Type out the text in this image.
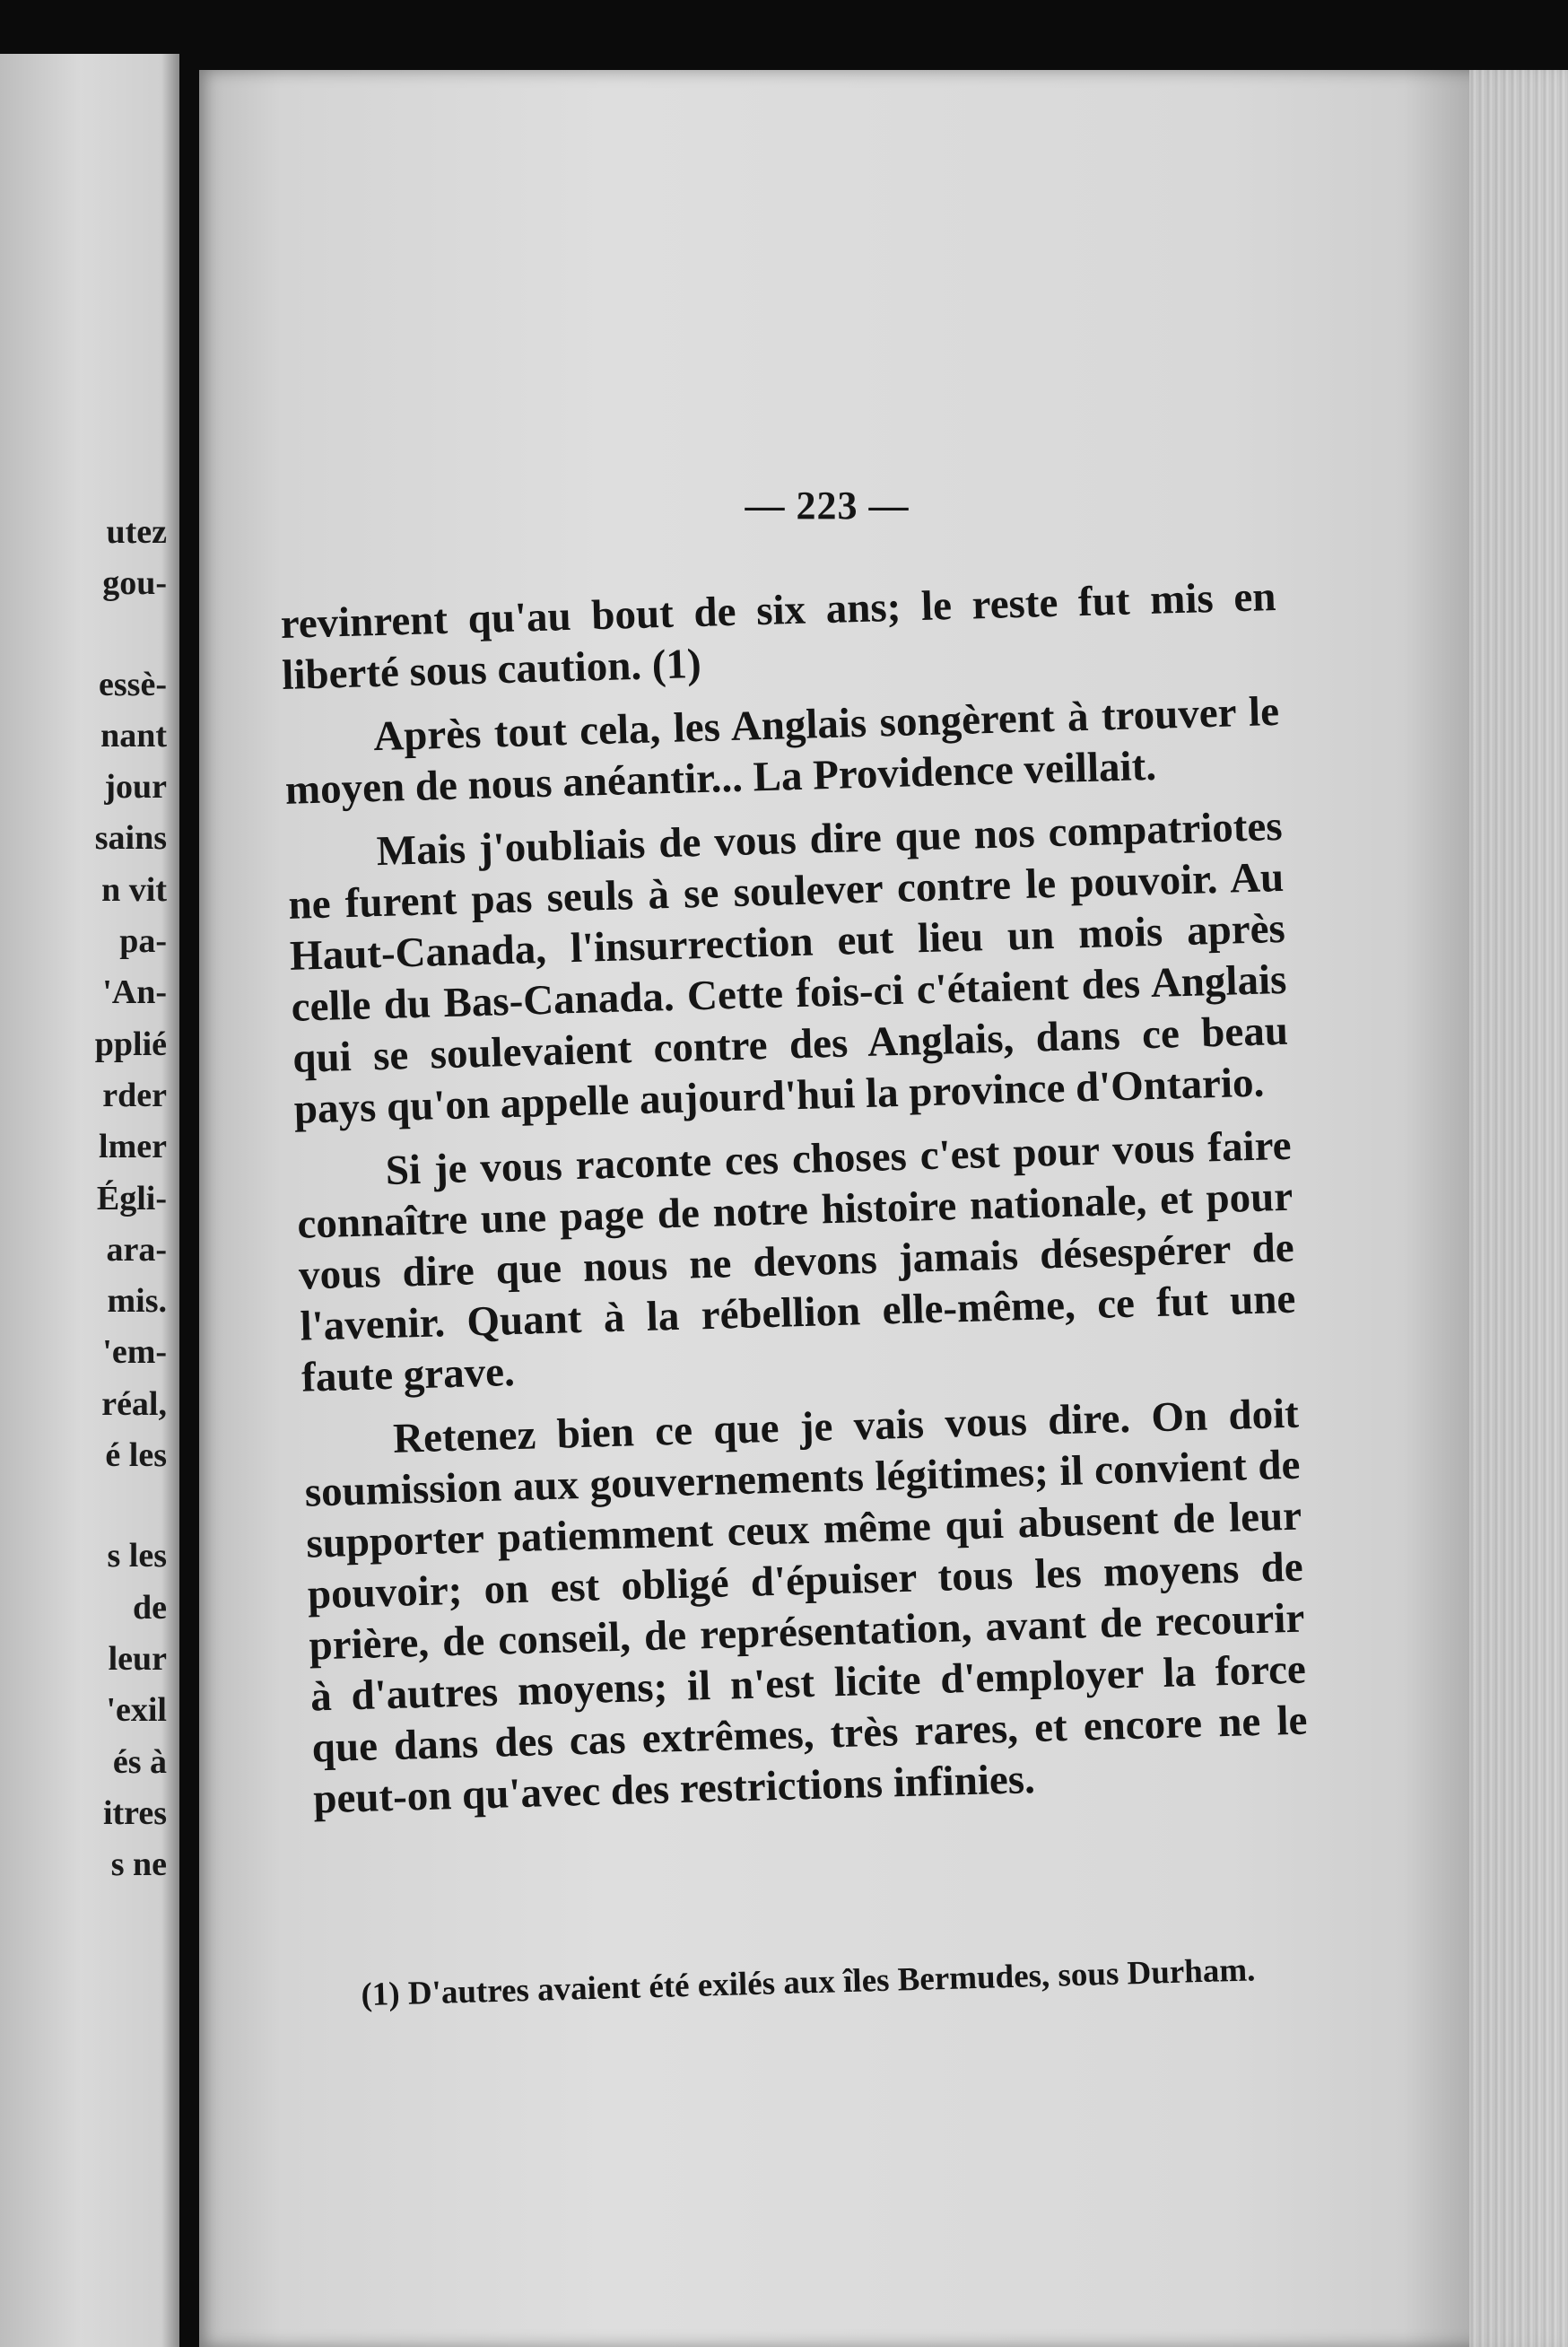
utez
gou-
essè-
nant
jour
sains
n vit
pa-
'An-
pplié
rder
lmer
Égli-
ara-
mis.
'em-
réal,
é les
s les
de
leur
'exil
és à
itres
s ne
— 223 —

revinrent qu'au bout de six ans; le reste fut mis en liberté sous caution. (1)

Après tout cela, les Anglais songèrent à trouver le moyen de nous anéantir... La Providence veillait.

Mais j'oubliais de vous dire que nos compatriotes ne furent pas seuls à se soulever contre le pouvoir. Au Haut-Canada, l'insurrection eut lieu un mois après celle du Bas-Canada. Cette fois-ci c'étaient des Anglais qui se soulevaient contre des Anglais, dans ce beau pays qu'on appelle aujourd'hui la province d'Ontario.

Si je vous raconte ces choses c'est pour vous faire connaître une page de notre histoire nationale, et pour vous dire que nous ne devons jamais désespérer de l'avenir. Quant à la rébellion elle-même, ce fut une faute grave.

Retenez bien ce que je vais vous dire. On doit soumission aux gouvernements légitimes; il convient de supporter patiemment ceux même qui abusent de leur pouvoir; on est obligé d'épuiser tous les moyens de prière, de conseil, de représentation, avant de recourir à d'autres moyens; il n'est licite d'employer la force que dans des cas extrêmes, très rares, et encore ne le peut-on qu'avec des restrictions infinies.

(1) D'autres avaient été exilés aux îles Bermudes, sous Durham.
